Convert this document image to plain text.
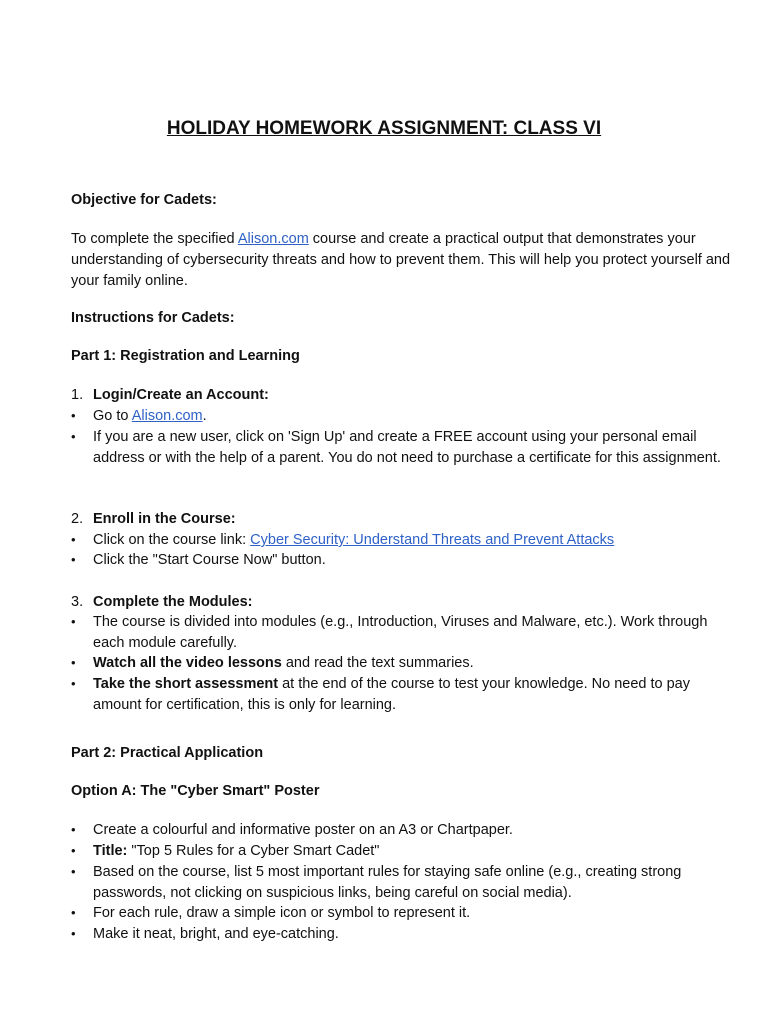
HOLIDAY HOMEWORK ASSIGNMENT: CLASS VI

Objective for Cadets:

To complete the specified Alison.com course and create a practical output that demonstrates your understanding of cybersecurity threats and how to prevent them. This will help you protect yourself and your family online.

Instructions for Cadets:

Part 1: Registration and Learning

1. Login/Create an Account:
•	Go to Alison.com.
•	If you are a new user, click on 'Sign Up' and create a FREE account using your personal email address or with the help of a parent. You do not need to purchase a certificate for this assignment.
2. Enroll in the Course:
•	Click on the course link: Cyber Security: Understand Threats and Prevent Attacks
•	Click the "Start Course Now" button.
3. Complete the Modules:
•	The course is divided into modules (e.g., Introduction, Viruses and Malware, etc.). Work through each module carefully.
•	Watch all the video lessons and read the text summaries.
•	Take the short assessment at the end of the course to test your knowledge. No need to pay amount for certification, this is only for learning.

Part 2: Practical Application

Option A: The "Cyber Smart" Poster

•	Create a colourful and informative poster on an A3 or Chartpaper.
•	Title: "Top 5 Rules for a Cyber Smart Cadet"
•	Based on the course, list 5 most important rules for staying safe online (e.g., creating strong passwords, not clicking on suspicious links, being careful on social media).
•	For each rule, draw a simple icon or symbol to represent it.
•	Make it neat, bright, and eye-catching.
